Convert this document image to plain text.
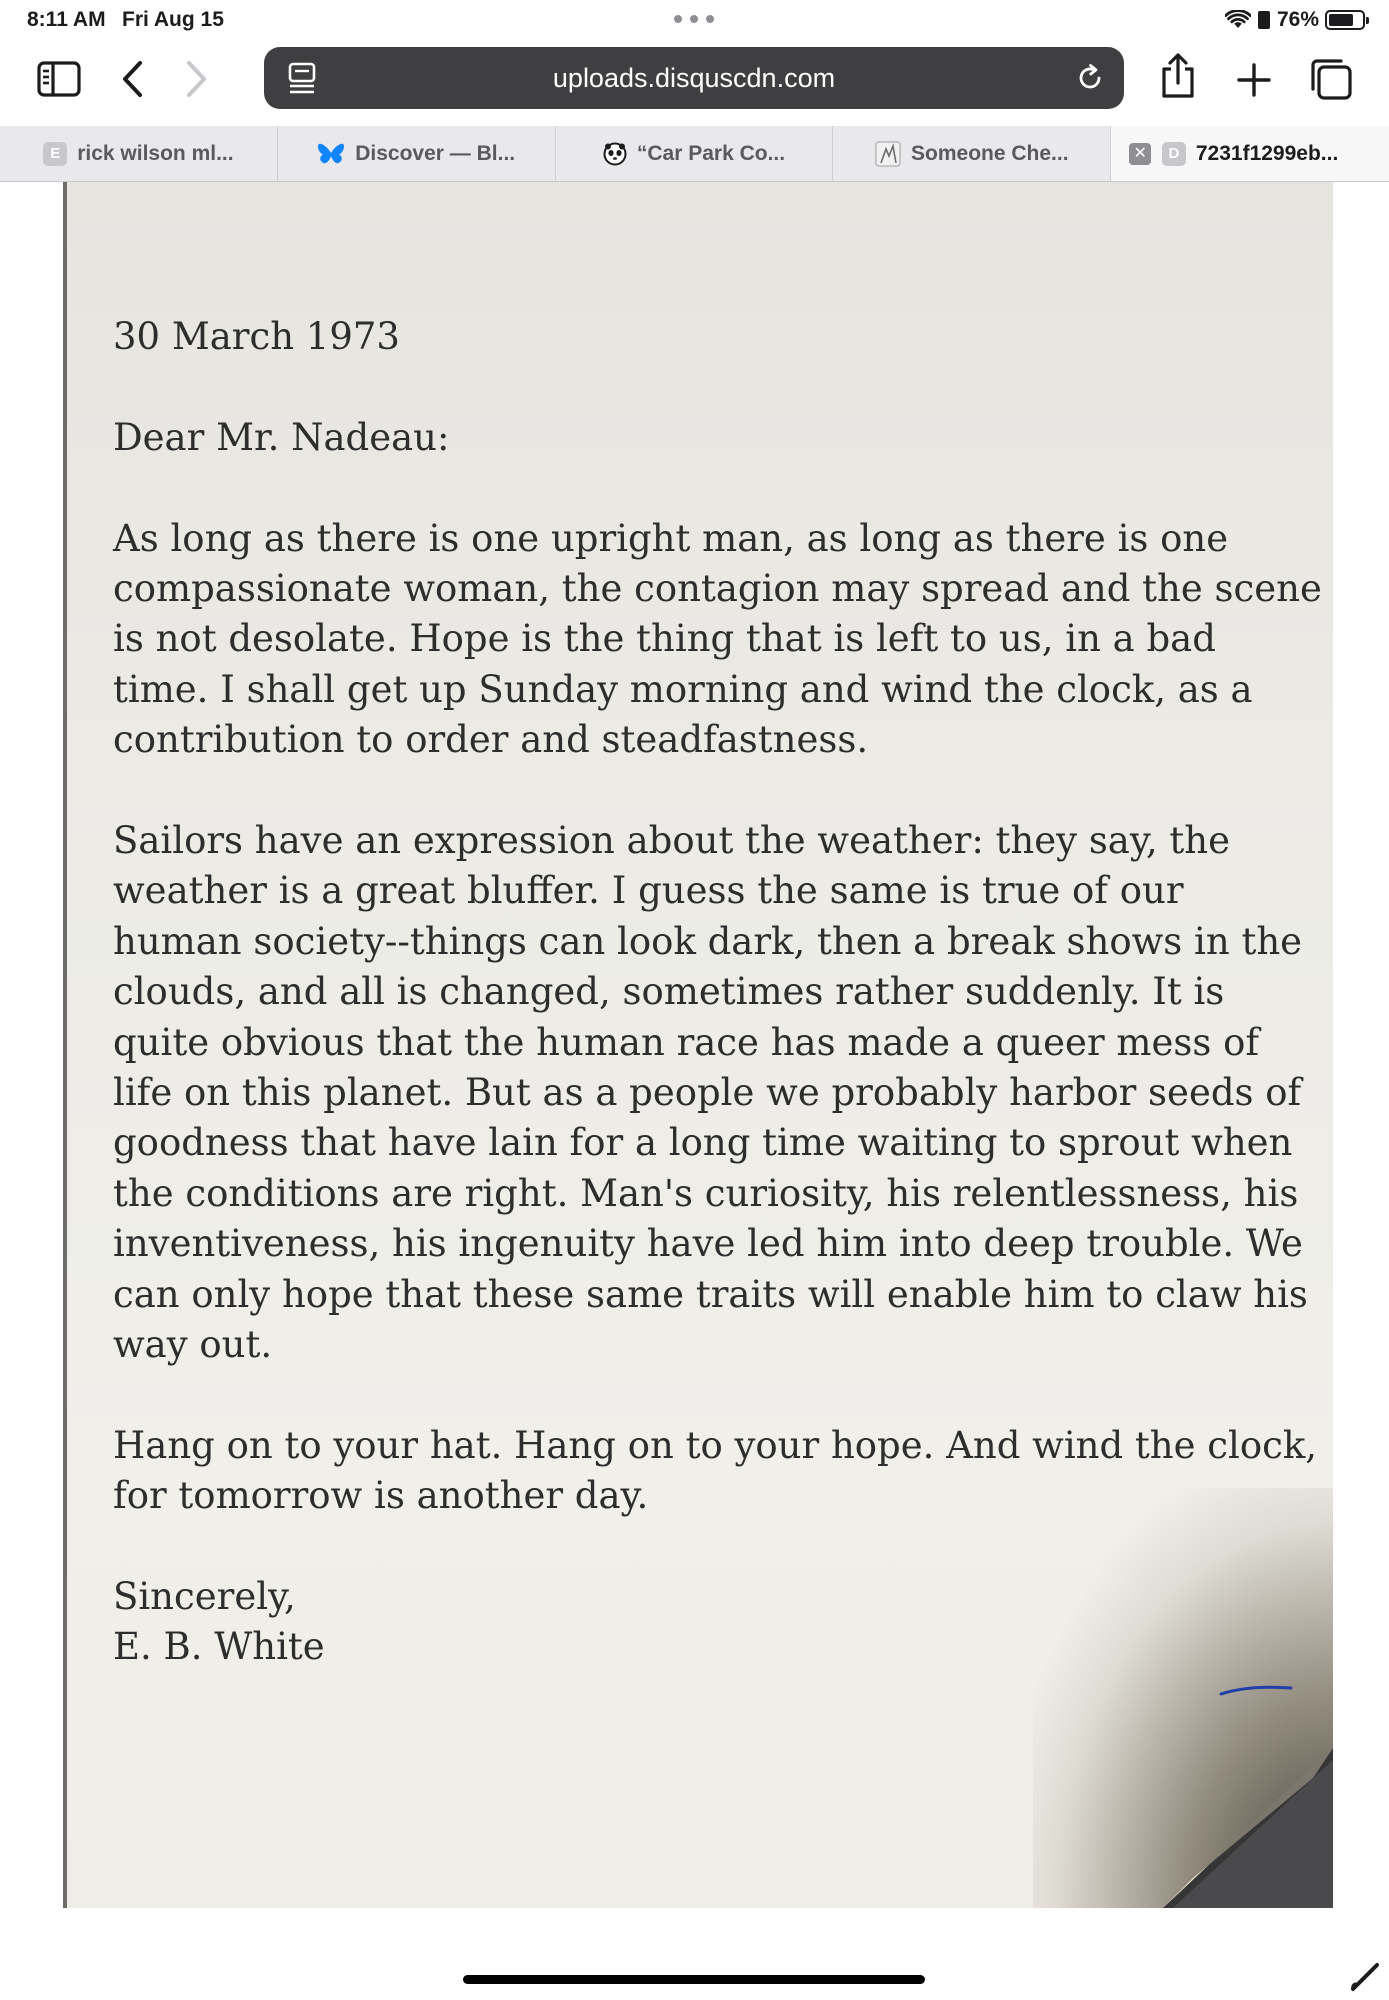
8:11 AM Fri Aug 15	76%
uploads.disquscdn.com
E rick wilson ml...	Discover — Bl...	“Car Park Co...	Someone Che...	✕	D 7231f1299eb...

30 March 1973

Dear Mr. Nadeau:

As long as there is one upright man, as long as there is one compassionate woman, the contagion may spread and the scene is not desolate. Hope is the thing that is left to us, in a bad time. I shall get up Sunday morning and wind the clock, as a contribution to order and steadfastness.

Sailors have an expression about the weather: they say, the weather is a great bluffer. I guess the same is true of our human society--things can look dark, then a break shows in the clouds, and all is changed, sometimes rather suddenly. It is quite obvious that the human race has made a queer mess of life on this planet. But as a people we probably harbor seeds of goodness that have lain for a long time waiting to sprout when the conditions are right. Man's curiosity, his relentlessness, his inventiveness, his ingenuity have led him into deep trouble. We can only hope that these same traits will enable him to claw his way out.

Hang on to your hat. Hang on to your hope. And wind the clock, for tomorrow is another day.

Sincerely,
E. B. White
